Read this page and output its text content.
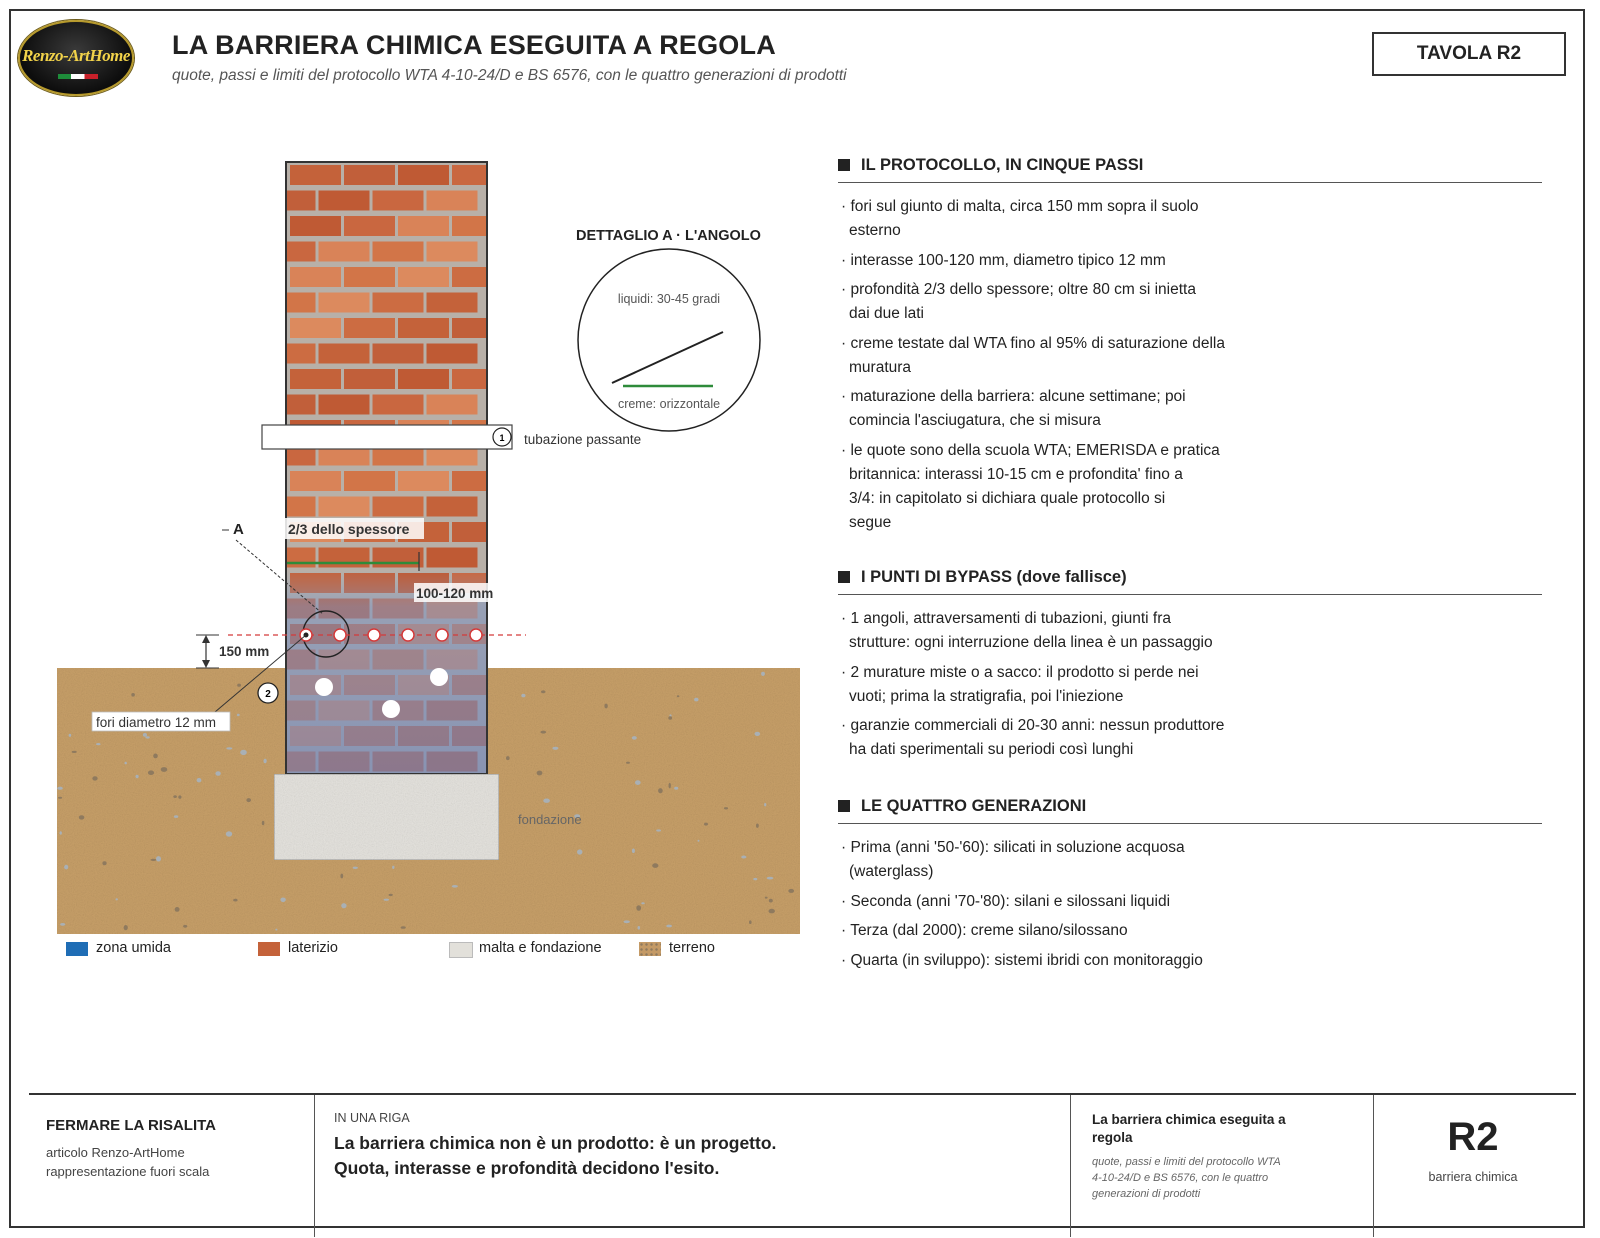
Renzo-ArtHome LA BARRIERA CHIMICA ESEGUITA A REGOLA
quote, passi e limiti del protocollo WTA 4-10-24/D e BS 6576, con le quattro generazioni di prodotti
TAVOLA R2
fondazione
1 tubazione passante
2/3 dello spessore
100-120 mm
A
150 mm
fori diametro 12 mm
2
DETTAGLIO A · L'ANGOLO
liquidi: 30-45 gradi
creme: orizzontale
zona umida	laterizio	malta e fondazione	terreno
IL PROTOCOLLO, IN CINQUE PASSI
· fori sul giunto di malta, circa 150 mm sopra il suolo
esterno
· interasse 100-120 mm, diametro tipico 12 mm
· profondità 2/3 dello spessore; oltre 80 cm si inietta
dai due lati
· creme testate dal WTA fino al 95% di saturazione della
muratura
· maturazione della barriera: alcune settimane; poi
comincia l'asciugatura, che si misura
· le quote sono della scuola WTA; EMERISDA e pratica
britannica: interassi 10-15 cm e profondita' fino a
3/4: in capitolato si dichiara quale protocollo si
segue
I PUNTI DI BYPASS (dove fallisce)
· 1 angoli, attraversamenti di tubazioni, giunti fra
strutture: ogni interruzione della linea è un passaggio
· 2 murature miste o a sacco: il prodotto si perde nei
vuoti; prima la stratigrafia, poi l'iniezione
· garanzie commerciali di 20-30 anni: nessun produttore
ha dati sperimentali su periodi così lunghi
LE QUATTRO GENERAZIONI
· Prima (anni '50-'60): silicati in soluzione acquosa
(waterglass)
· Seconda (anni '70-'80): silani e silossani liquidi
· Terza (dal 2000): creme silano/silossano
· Quarta (in sviluppo): sistemi ibridi con monitoraggio
FERMARE LA RISALITA
articolo Renzo-ArtHome
rappresentazione fuori scala
IN UNA RIGA
La barriera chimica non è un prodotto: è un progetto.
Quota, interasse e profondità decidono l'esito.
La barriera chimica eseguita a
regola
quote, passi e limiti del protocollo WTA
4-10-24/D e BS 6576, con le quattro
generazioni di prodotti
R2
barriera chimica
